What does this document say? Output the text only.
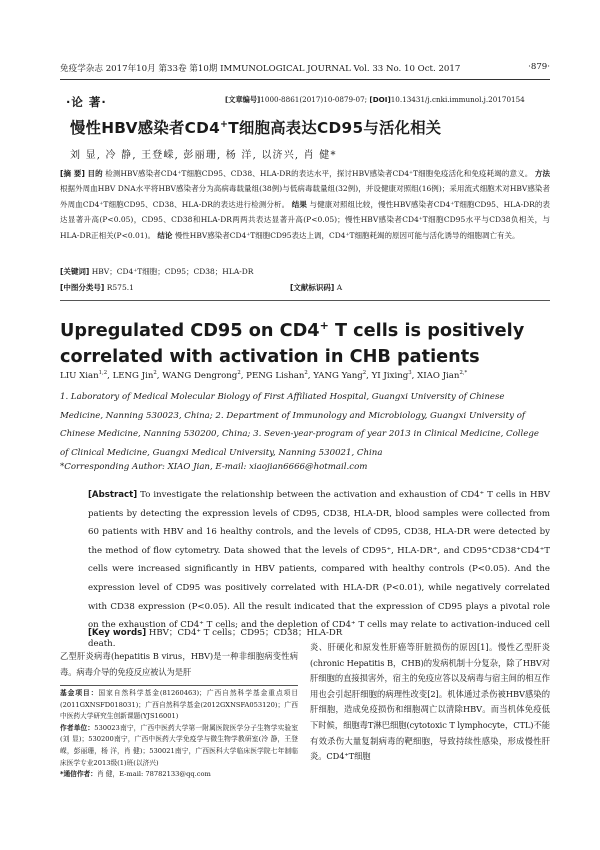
免疫学杂志 2017年10月 第33卷 第10期 IMMUNOLOGICAL JOURNAL Vol. 33 No. 10 Oct. 2017	·879·
·论 著·	[文章编号]1000-8861(2017)10-0879-07; [DOI]10.13431/j.cnki.immunol.j.20170154
慢性HBV感染者CD4+T细胞高表达CD95与活化相关
刘 显, 冷 静, 王登嵘, 彭丽珊, 杨 洋, 以济兴, 肖 健*
[摘 要] 目的 检测HBV感染者CD4⁺T细胞CD95、CD38、HLA-DR的表达水平，探讨HBV感染者CD4⁺T细胞免疫活化和免疫耗竭的意义。 方法 根据外周血HBV DNA水平将HBV感染者分为高病毒载量组(38例)与低病毒载量组(32例)，并设健康对照组(16例)；采用流式细胞术对HBV感染者外周血CD4⁺T细胞CD95、CD38、HLA-DR的表达进行检测分析。 结果 与健康对照组比较，慢性HBV感染者CD4⁺T细胞CD95、HLA-DR的表达显著升高(P<0.05)，CD95、CD38和HLA-DR两两共表达显著升高(P<0.05)；慢性HBV感染者CD4⁺T细胞CD95水平与CD38负相关，与HLA-DR正相关(P<0.01)。 结论 慢性HBV感染者CD4⁺T细胞CD95表达上调，CD4⁺T细胞耗竭的原因可能与活化诱导的细胞凋亡有关。
[关键词] HBV；CD4⁺T细胞；CD95；CD38；HLA-DR
[中图分类号] R575.1	[文献标识码] A
Upregulated CD95 on CD4+ T cells is positively correlated with activation in CHB patients
LIU Xian$^{1,2}$, LENG Jin$^2$, WANG Dengrong$^2$, PENG Lishan$^2$, YANG Yang$^2$, YI Jixing$^3$, XIAO Jian$^{2,*}$
1. Laboratory of Medical Molecular Biology of First Affiliated Hospital, Guangxi University of Chinese Medicine, Nanning 530023, China; 2. Department of Immunology and Microbiology, Guangxi University of Chinese Medicine, Nanning 530200, China; 3. Seven-year-program of year 2013 in Clinical Medicine, College of Clinical Medicine, Guangxi Medical University, Nanning 530021, China
*Corresponding Author: XIAO Jian, E-mail: xiaojian6666@hotmail.com
[Abstract] To investigate the relationship between the activation and exhaustion of CD4⁺ T cells in HBV patients by detecting the expression levels of CD95, CD38, HLA-DR, blood samples were collected from 60 patients with HBV and 16 healthy controls, and the levels of CD95, CD38, HLA-DR were detected by the method of flow cytometry. Data showed that the levels of CD95⁺, HLA-DR⁺, and CD95⁺CD38⁺CD4⁺T cells were increased significantly in HBV patients, compared with healthy controls (P<0.05). And the expression level of CD95 was positively correlated with HLA-DR (P<0.01), while negatively correlated with CD38 expression (P<0.05). All the result indicated that the expression of CD95 plays a pivotal role on the exhaustion of CD4⁺ T cells; and the depletion of CD4⁺ T cells may relate to activation-induced cell death.
[Key words] HBV；CD4⁺ T cells；CD95；CD38；HLA-DR
乙型肝炎病毒(hepatitis B virus，HBV)是一种非细胞病变性病毒。病毒介导的免疫反应被认为是肝
炎、肝硬化和原发性肝癌等肝脏损伤的原因[1]。慢性乙型肝炎(chronic Hepatitis B，CHB)的发病机制十分复杂，除了HBV对肝细胞的直接损害外，宿主的免疫应答以及病毒与宿主间的相互作用也会引起肝细胞的病理性改变[2]。机体通过杀伤被HBV感染的肝细胞，造成免疫损伤和细胞凋亡以清除HBV。而当机体免疫低下时候，细胞毒T淋巴细胞(cytotoxic T lymphocyte，CTL)不能有效杀伤大量复制病毒的靶细胞，导致持续性感染，形成慢性肝炎。CD4⁺T细胞
基金项目：国家自然科学基金(81260463)；广西自然科学基金重点项目(2011GXNSFD018031)；广西自然科学基金(2012GXNSFA053120)；广西中医药大学研究生创新课题(YJS16001)
作者单位：530023南宁，广西中医药大学第一附属医院医学分子生物学实验室(刘 显)；530200南宁，广西中医药大学免疫学与微生物学教研室(冷 静，王登嵘，彭丽珊，杨 洋，肖 健)；530021南宁，广西医科大学临床医学院七年制临床医学专业2013级(1)班(以济兴)
*通信作者：肖 健，E-mail: 78782133@qq.com
